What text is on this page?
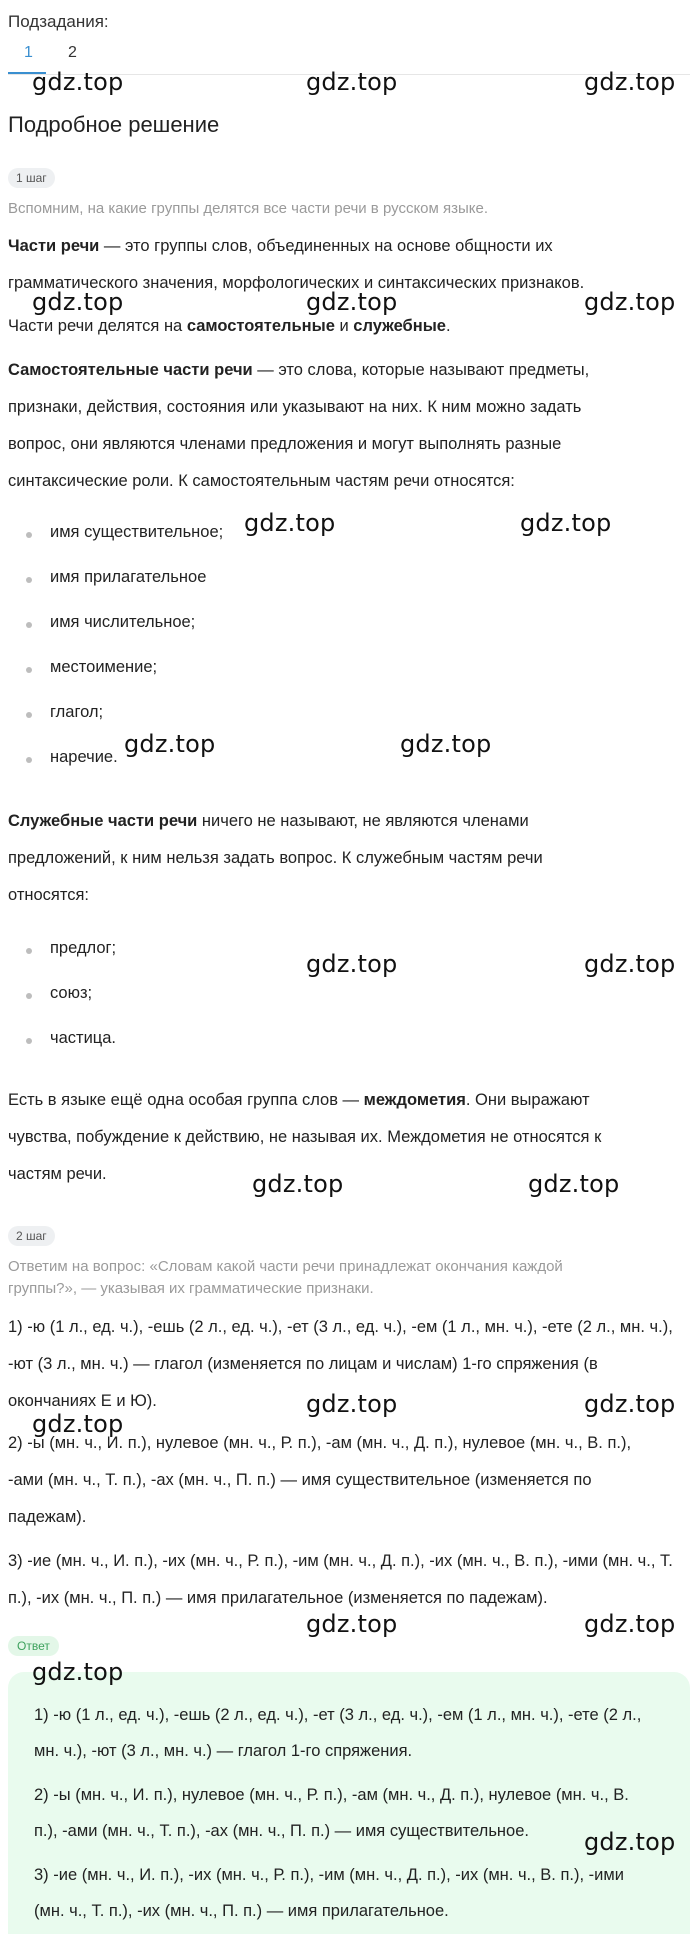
Подзадания:
1 2
Подробное решение
1 шаг
Вспомним, на какие группы делятся все части речи в русском языке.
Части речи — это группы слов, объединенных на основе общности их
грамматического значения, морфологических и синтаксических признаков.
Части речи делятся на самостоятельные и служебные.
Самостоятельные части речи — это слова, которые называют предметы,
признаки, действия, состояния или указывают на них. К ним можно задать
вопрос, они являются членами предложения и могут выполнять разные
синтаксические роли. К самостоятельным частям речи относятся:
имя существительное;
имя прилагательное
имя числительное;
местоимение;
глагол;
наречие.
Служебные части речи ничего не называют, не являются членами
предложений, к ним нельзя задать вопрос. К служебным частям речи
относятся:
предлог;
союз;
частица.
Есть в языке ещё одна особая группа слов — междометия. Они выражают
чувства, побуждение к действию, не называя их. Междометия не относятся к
частям речи.
2 шаг
Ответим на вопрос: «Словам какой части речи принадлежат окончания каждой
группы?», — указывая их грамматические признаки.
1) -ю (1 л., ед. ч.), -ешь (2 л., ед. ч.), -ет (3 л., ед. ч.), -ем (1 л., мн. ч.), -ете (2 л., мн. ч.),
-ют (3 л., мн. ч.) — глагол (изменяется по лицам и числам) 1-го спряжения (в
окончаниях Е и Ю).
2) -ы (мн. ч., И. п.), нулевое (мн. ч., Р. п.), -ам (мн. ч., Д. п.), нулевое (мн. ч., В. п.),
-ами (мн. ч., Т. п.), -ах (мн. ч., П. п.) — имя существительное (изменяется по
падежам).
3) -ие (мн. ч., И. п.), -их (мн. ч., Р. п.), -им (мн. ч., Д. п.), -их (мн. ч., В. п.), -ими (мн. ч., Т.
п.), -их (мн. ч., П. п.) — имя прилагательное (изменяется по падежам).
Ответ
1) -ю (1 л., ед. ч.), -ешь (2 л., ед. ч.), -ет (3 л., ед. ч.), -ем (1 л., мн. ч.), -ете (2 л.,
мн. ч.), -ют (3 л., мн. ч.) — глагол 1-го спряжения.
2) -ы (мн. ч., И. п.), нулевое (мн. ч., Р. п.), -ам (мн. ч., Д. п.), нулевое (мн. ч., В.
п.), -ами (мн. ч., Т. п.), -ах (мн. ч., П. п.) — имя существительное.
3) -ие (мн. ч., И. п.), -их (мн. ч., Р. п.), -им (мн. ч., Д. п.), -их (мн. ч., В. п.), -ими
(мн. ч., Т. п.), -их (мн. ч., П. п.) — имя прилагательное.
gdz.top	gdz.top	gdz.top
gdz.top	gdz.top	gdz.top
gdz.top	gdz.top
gdz.top	gdz.top
gdz.top	gdz.top
gdz.top	gdz.top
gdz.top	gdz.top
gdz.top
gdz.top	gdz.top
gdz.top
gdz.top
